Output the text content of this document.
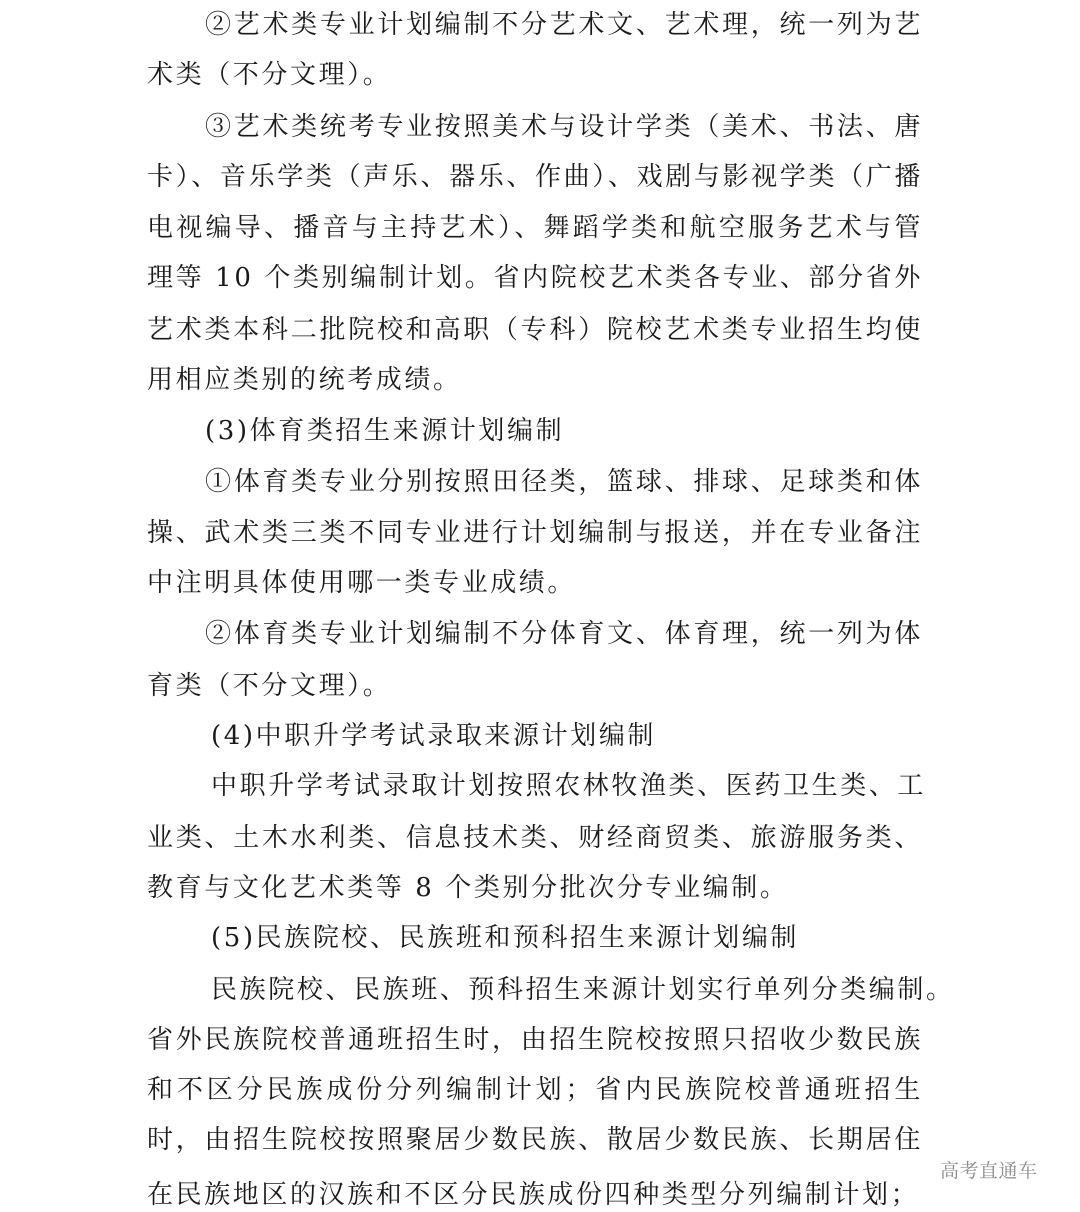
②艺术类专业计划编制不分艺术文、艺术理，统一列为艺
术类（不分文理）。
③艺术类统考专业按照美术与设计学类（美术、书法、唐
卡）、音乐学类（声乐、器乐、作曲）、戏剧与影视学类（广播
电视编导、播音与主持艺术）、舞蹈学类和航空服务艺术与管
理等 10 个类别编制计划。省内院校艺术类各专业、部分省外
艺术类本科二批院校和高职（专科）院校艺术类专业招生均使
用相应类别的统考成绩。
(3)体育类招生来源计划编制
①体育类专业分别按照田径类，篮球、排球、足球类和体
操、武术类三类不同专业进行计划编制与报送，并在专业备注
中注明具体使用哪一类专业成绩。
②体育类专业计划编制不分体育文、体育理，统一列为体
育类（不分文理）。
(4)中职升学考试录取来源计划编制
中职升学考试录取计划按照农林牧渔类、医药卫生类、工
业类、土木水利类、信息技术类、财经商贸类、旅游服务类、
教育与文化艺术类等 8 个类别分批次分专业编制。
(5)民族院校、民族班和预科招生来源计划编制
民族院校、民族班、预科招生来源计划实行单列分类编制。
省外民族院校普通班招生时，由招生院校按照只招收少数民族
和不区分民族成份分列编制计划；省内民族院校普通班招生
时，由招生院校按照聚居少数民族、散居少数民族、长期居住
在民族地区的汉族和不区分民族成份四种类型分列编制计划；
高考直通车
